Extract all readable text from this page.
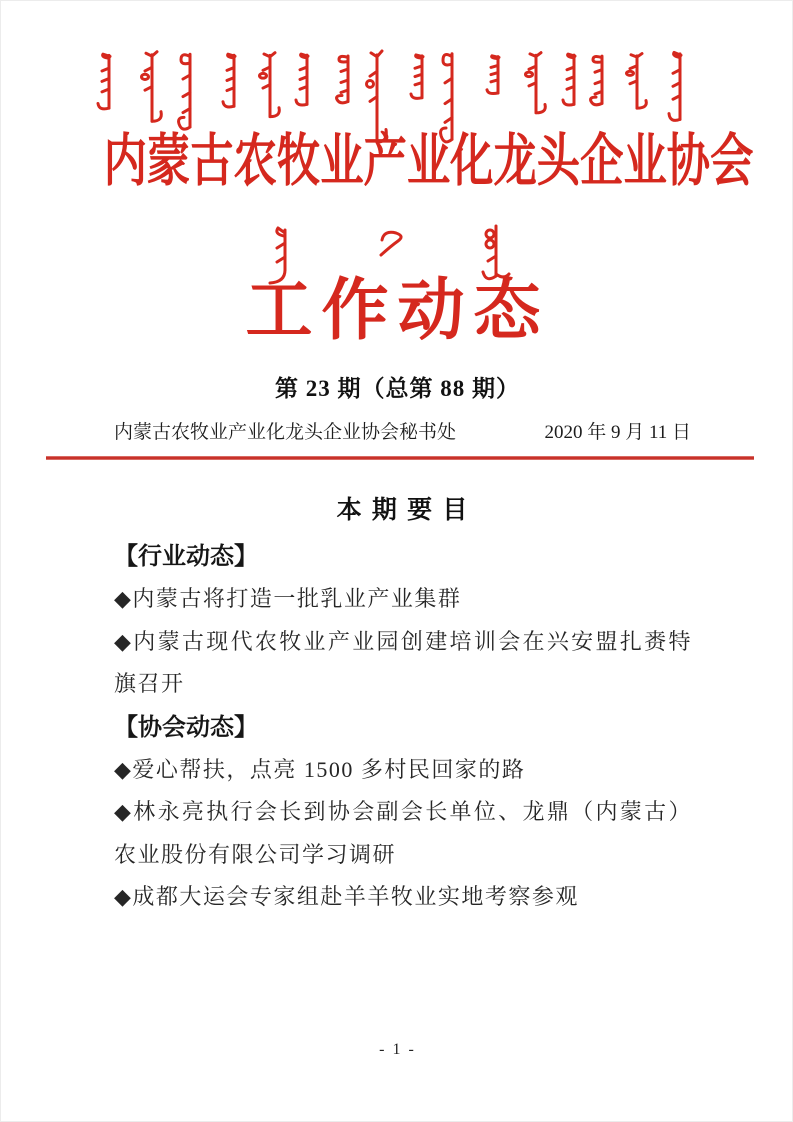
内蒙古农牧业产业化龙头企业协会
工作动态
第 23 期（总第 88 期）
内蒙古农牧业产业化龙头企业协会秘书处	2020 年 9 月 11 日
本 期 要 目
【行业动态】
◆内蒙古将打造一批乳业产业集群
◆内蒙古现代农牧业产业园创建培训会在兴安盟扎赉特旗召开
【协会动态】
◆爱心帮扶，点亮 1500 多村民回家的路
◆林永亮执行会长到协会副会长单位、龙鼎（内蒙古）农业股份有限公司学习调研
◆成都大运会专家组赴羊羊牧业实地考察参观
- 1 -
